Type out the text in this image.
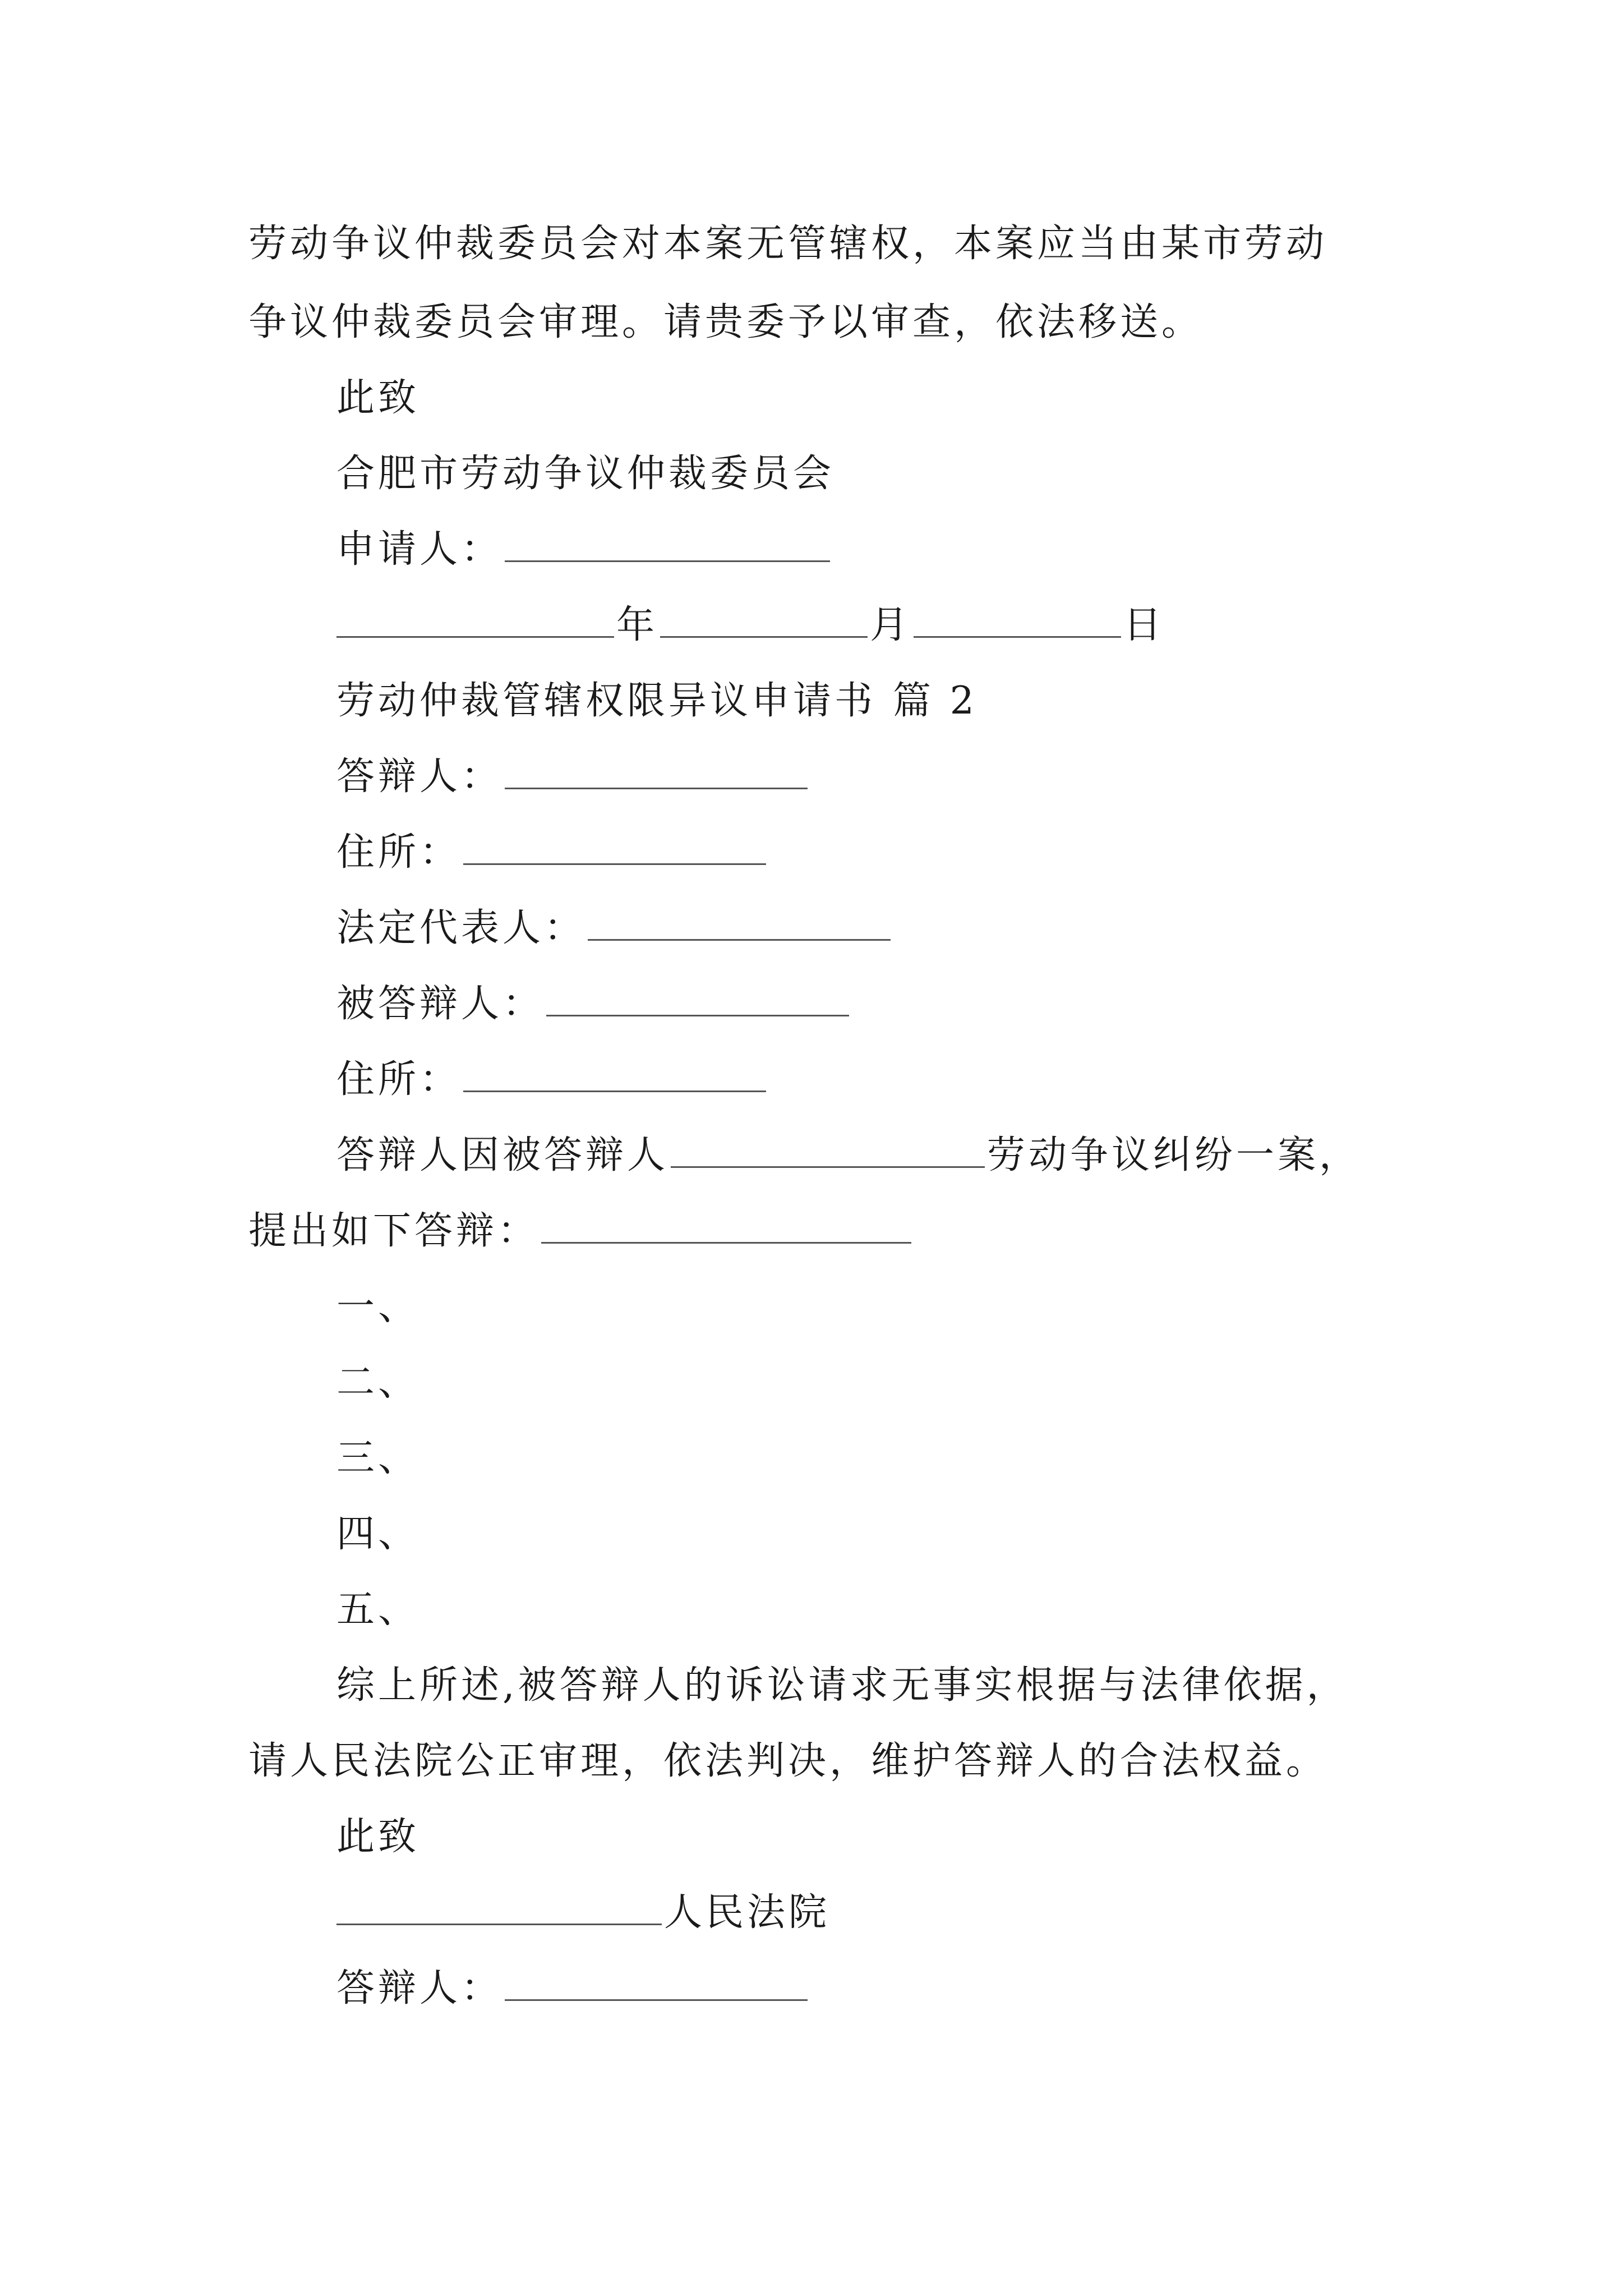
劳动争议仲裁委员会对本案无管辖权，本案应当由某市劳动
争议仲裁委员会审理。请贵委予以审查，依法移送。
此致
合肥市劳动争议仲裁委员会
申请人：
年	月	日
劳动仲裁管辖权限异议申请书 篇 2
答辩人：
住所：
法定代表人：
被答辩人：
住所：
答辩人因被答辩人	劳动争议纠纷一案，
提出如下答辩：
一、
二、
三、
四、
五、
综上所述,被答辩人的诉讼请求无事实根据与法律依据，
请人民法院公正审理，依法判决，维护答辩人的合法权益。
此致
人民法院
答辩人：
